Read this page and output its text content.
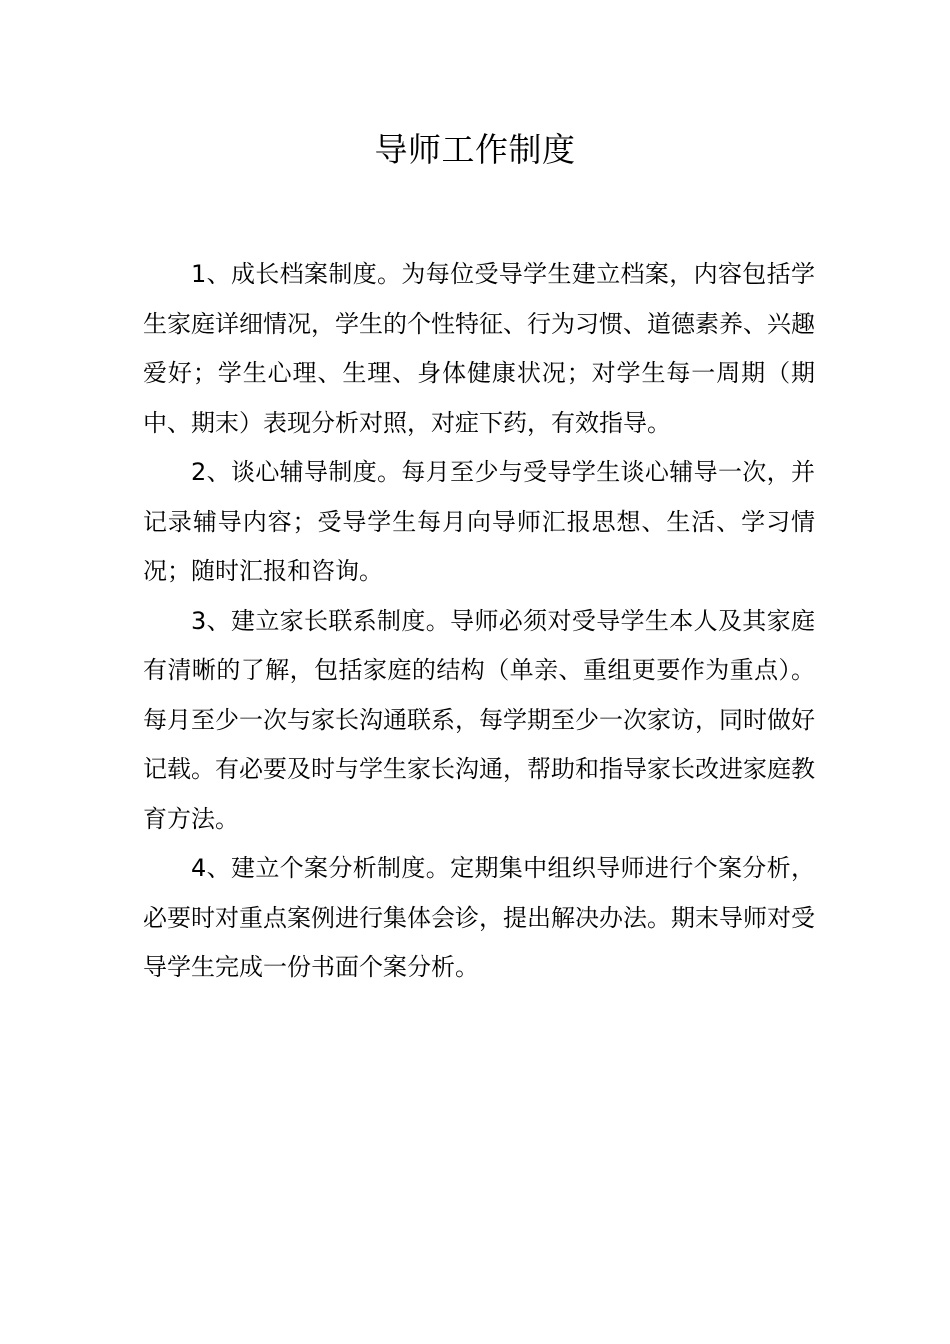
导师工作制度

1、成长档案制度。为每位受导学生建立档案，内容包括学生家庭详细情况，学生的个性特征、行为习惯、道德素养、兴趣爱好；学生心理、生理、身体健康状况；对学生每一周期（期中、期末）表现分析对照，对症下药，有效指导。

2、谈心辅导制度。每月至少与受导学生谈心辅导一次，并记录辅导内容；受导学生每月向导师汇报思想、生活、学习情况；随时汇报和咨询。

3、建立家长联系制度。导师必须对受导学生本人及其家庭有清晰的了解，包括家庭的结构（单亲、重组更要作为重点）。每月至少一次与家长沟通联系，每学期至少一次家访，同时做好记载。有必要及时与学生家长沟通，帮助和指导家长改进家庭教育方法。

4、建立个案分析制度。定期集中组织导师进行个案分析，必要时对重点案例进行集体会诊，提出解决办法。期末导师对受导学生完成一份书面个案分析。
